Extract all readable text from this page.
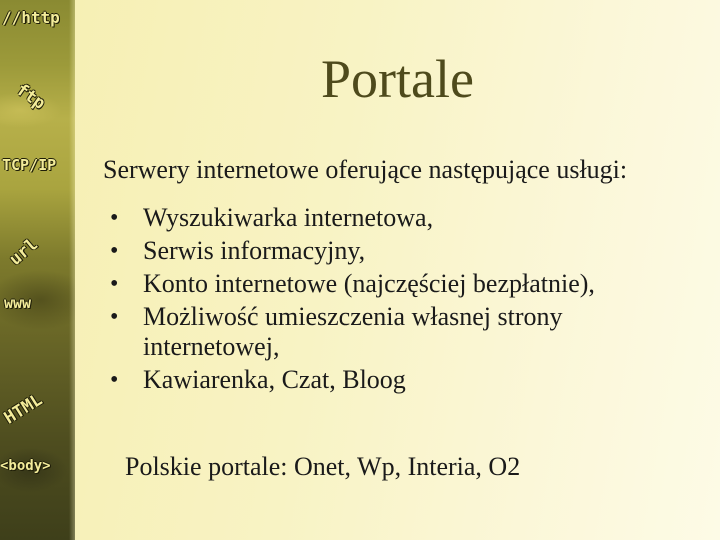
//http
ftp
TCP/IP
url
www
HTML
<body>
Portale
Serwery internetowe oferujące następujące usługi:
• Wyszukiwarka internetowa,
• Serwis informacyjny,
• Konto internetowe (najczęściej bezpłatnie),
• Możliwość umieszczenia własnej strony internetowej,
• Kawiarenka, Czat, Bloog
Polskie portale: Onet, Wp, Interia, O2
